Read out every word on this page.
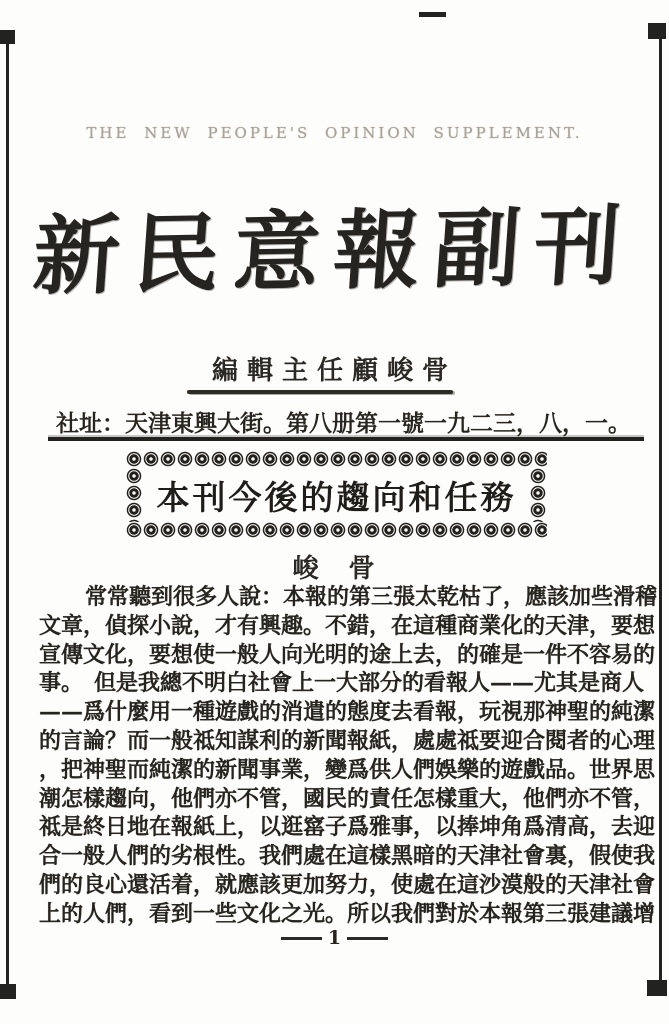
THE NEW PEOPLE'S OPINION SUPPLEMENT.
新民意報副刊
編輯主任顧峻骨
社址：天津東興大街。 第八册第一號 一九二三，八，一。
本刊今後的趨向和任務
峻　骨
常常聽到很多人說：本報的第三張太乾枯了，應該加些滑稽
文章，偵探小說，才有興趣。不錯，在這種商業化的天津，要想
宣傳文化，要想使一般人向光明的途上去，的確是一件不容易的
事。　但是我總不明白社會上一大部分的看報人——尤其是商人
——爲什麼用一種遊戲的消遣的態度去看報，玩視那神聖的純潔
的言論？而一般祗知謀利的新聞報紙，處處祗要迎合閱者的心理
，把神聖而純潔的新聞事業，變爲供人們娛樂的遊戲品。世界思
潮怎樣趨向，他們亦不管，國民的責任怎樣重大，他們亦不管，
祗是終日地在報紙上，以逛窰子爲雅事，以捧坤角爲清高，去迎
合一般人們的劣根性。我們處在這樣黑暗的天津社會裏，假使我
們的良心還活着，就應該更加努力，使處在這沙漠般的天津社會
上的人們，看到一些文化之光。所以我們對於本報第三張建議增
1
